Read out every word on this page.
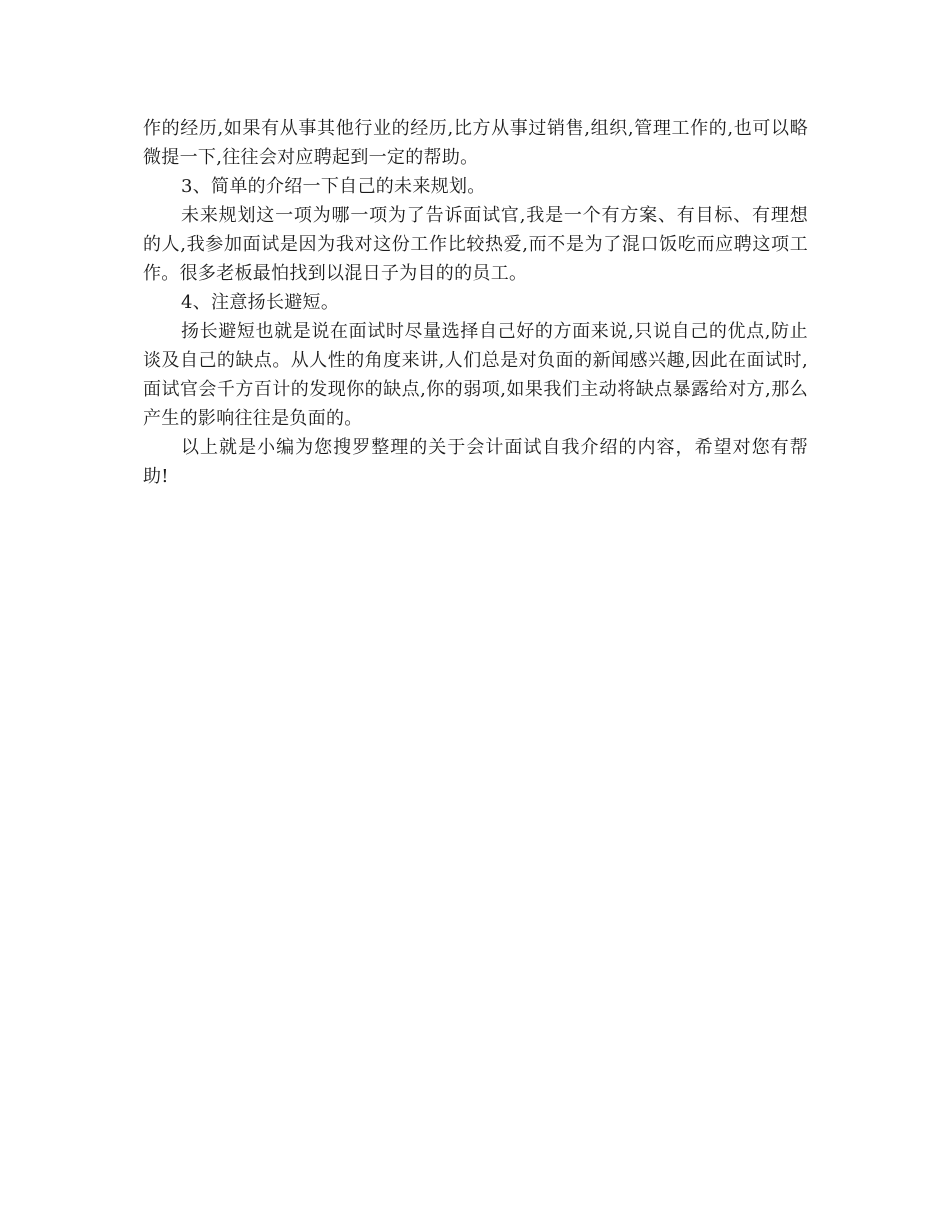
作的经历,如果有从事其他行业的经历,比方从事过销售,组织,管理工作的,也可以略微提一下,往往会对应聘起到一定的帮助。

3、简单的介绍一下自己的未来规划。

未来规划这一项为哪一项为了告诉面试官,我是一个有方案、有目标、有理想的人,我参加面试是因为我对这份工作比较热爱,而不是为了混口饭吃而应聘这项工作。很多老板最怕找到以混日子为目的的员工。

4、注意扬长避短。

扬长避短也就是说在面试时尽量选择自己好的方面来说,只说自己的优点,防止谈及自己的缺点。从人性的角度来讲,人们总是对负面的新闻感兴趣,因此在面试时,面试官会千方百计的发现你的缺点,你的弱项,如果我们主动将缺点暴露给对方,那么产生的影响往往是负面的。

以上就是小编为您搜罗整理的关于会计面试自我介绍的内容，希望对您有帮助!
